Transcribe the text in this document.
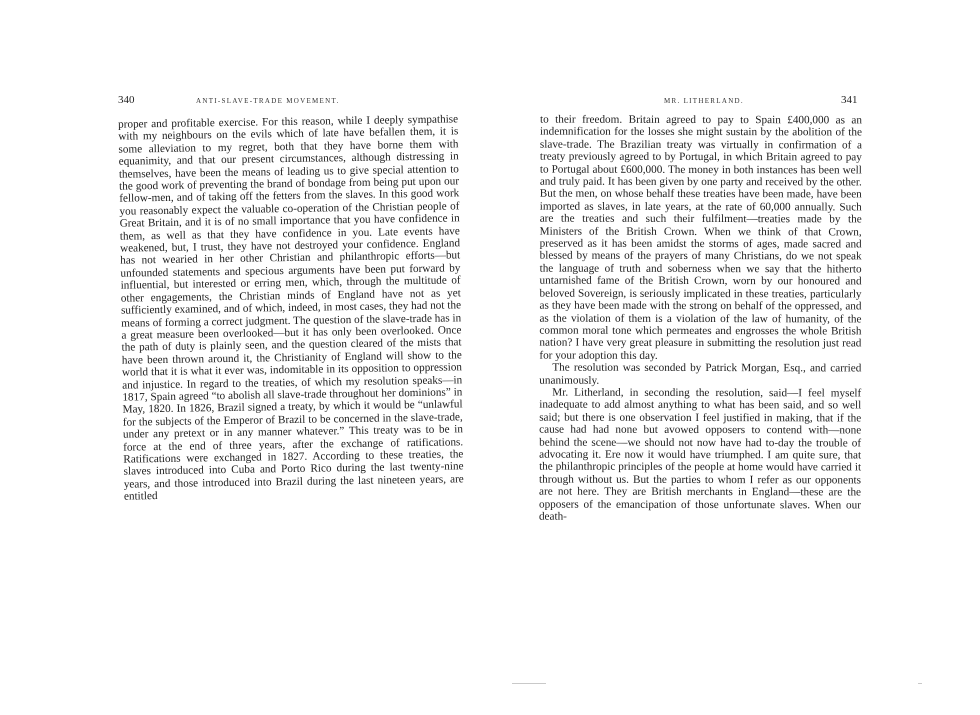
340	ANTI-SLAVE-TRADE MOVEMENT.

proper and profitable exercise. For this reason, while I deeply sympathise with my neighbours on the evils which of late have befallen them, it is some alleviation to my regret, both that they have borne them with equanimity, and that our present circumstances, although distressing in themselves, have been the means of leading us to give special attention to the good work of preventing the brand of bondage from being put upon our fellow-men, and of taking off the fetters from the slaves. In this good work you reasonably expect the valuable co-operation of the Christian people of Great Britain, and it is of no small importance that you have confidence in them, as well as that they have confidence in you. Late events have weakened, but, I trust, they have not destroyed your confidence. England has not wearied in her other Christian and philanthropic efforts—but unfounded statements and specious arguments have been put forward by influential, but interested or erring men, which, through the multitude of other engagements, the Christian minds of England have not as yet sufficiently examined, and of which, indeed, in most cases, they had not the means of forming a correct judgment. The question of the slave-trade has in a great measure been overlooked—but it has only been overlooked. Once the path of duty is plainly seen, and the question cleared of the mists that have been thrown around it, the Christianity of England will show to the world that it is what it ever was, indomitable in its opposition to oppression and injustice. In regard to the treaties, of which my resolution speaks—in 1817, Spain agreed “to abolish all slave-trade throughout her dominions” in May, 1820. In 1826, Brazil signed a treaty, by which it would be “unlawful for the subjects of the Emperor of Brazil to be concerned in the slave-trade, under any pretext or in any manner whatever.” This treaty was to be in force at the end of three years, after the exchange of ratifications. Ratifications were exchanged in 1827. According to these treaties, the slaves introduced into Cuba and Porto Rico during the last twenty-nine years, and those introduced into Brazil during the last nineteen years, are entitled

MR. LITHERLAND.	341

to their freedom. Britain agreed to pay to Spain £400,000 as an indemnification for the losses she might sustain by the abolition of the slave-trade. The Brazilian treaty was virtually in confirmation of a treaty previously agreed to by Portugal, in which Britain agreed to pay to Portugal about £600,000. The money in both instances has been well and truly paid. It has been given by one party and received by the other. But the men, on whose behalf these treaties have been made, have been imported as slaves, in late years, at the rate of 60,000 annually. Such are the treaties and such their fulfilment—treaties made by the Ministers of the British Crown. When we think of that Crown, preserved as it has been amidst the storms of ages, made sacred and blessed by means of the prayers of many Christians, do we not speak the language of truth and soberness when we say that the hitherto untarnished fame of the British Crown, worn by our honoured and beloved Sovereign, is seriously implicated in these treaties, particularly as they have been made with the strong on behalf of the oppressed, and as the violation of them is a violation of the law of humanity, of the common moral tone which permeates and engrosses the whole British nation? I have very great pleasure in submitting the resolution just read for your adoption this day.

The resolution was seconded by Patrick Morgan, Esq., and carried unanimously.

Mr. Litherland, in seconding the resolution, said—I feel myself inadequate to add almost anything to what has been said, and so well said; but there is one observation I feel justified in making, that if the cause had had none but avowed opposers to contend with—none behind the scene—we should not now have had to-day the trouble of advocating it. Ere now it would have triumphed. I am quite sure, that the philanthropic principles of the people at home would have carried it through without us. But the parties to whom I refer as our opponents are not here. They are British merchants in England—these are the opposers of the emancipation of those unfortunate slaves. When our death-
